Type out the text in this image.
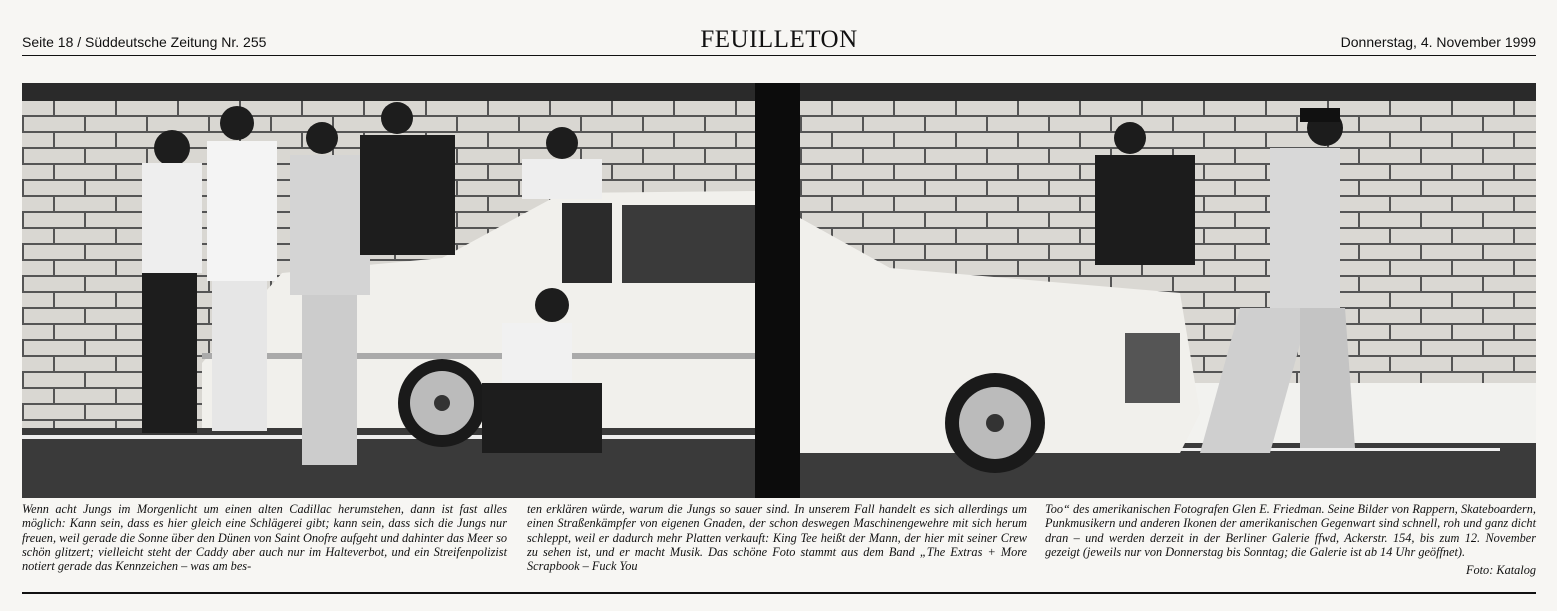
Seite 18 / Süddeutsche Zeitung Nr. 255	FEUILLETON	Donnerstag, 4. November 1999
Wenn acht Jungs im Morgenlicht um einen alten Cadillac herumstehen, dann ist fast alles möglich: Kann sein, dass es hier gleich eine Schlägerei gibt; kann sein, dass sich die Jungs nur freuen, weil gerade die Sonne über den Dünen von Saint Onofre aufgeht und dahinter das Meer so schön glitzert; vielleicht steht der Caddy aber auch nur im Halteverbot, und ein Streifenpolizist notiert gerade das Kennzeichen – was am bes-
ten erklären würde, warum die Jungs so sauer sind. In unserem Fall handelt es sich allerdings um einen Straßenkämpfer von eigenen Gnaden, der schon deswegen Maschinengewehre mit sich herum schleppt, weil er dadurch mehr Platten verkauft: King Tee heißt der Mann, der hier mit seiner Crew zu sehen ist, und er macht Musik. Das schöne Foto stammt aus dem Band „The Extras + More Scrapbook – Fuck You
Too“ des amerikanischen Fotografen Glen E. Friedman. Seine Bilder von Rappern, Skateboardern, Punkmusikern und anderen Ikonen der amerikanischen Gegenwart sind schnell, roh und ganz dicht dran – und werden derzeit in der Berliner Galerie ffwd, Ackerstr. 154, bis zum 12. November gezeigt (jeweils nur von Donnerstag bis Sonntag; die Galerie ist ab 14 Uhr geöffnet).
Foto: Katalog
